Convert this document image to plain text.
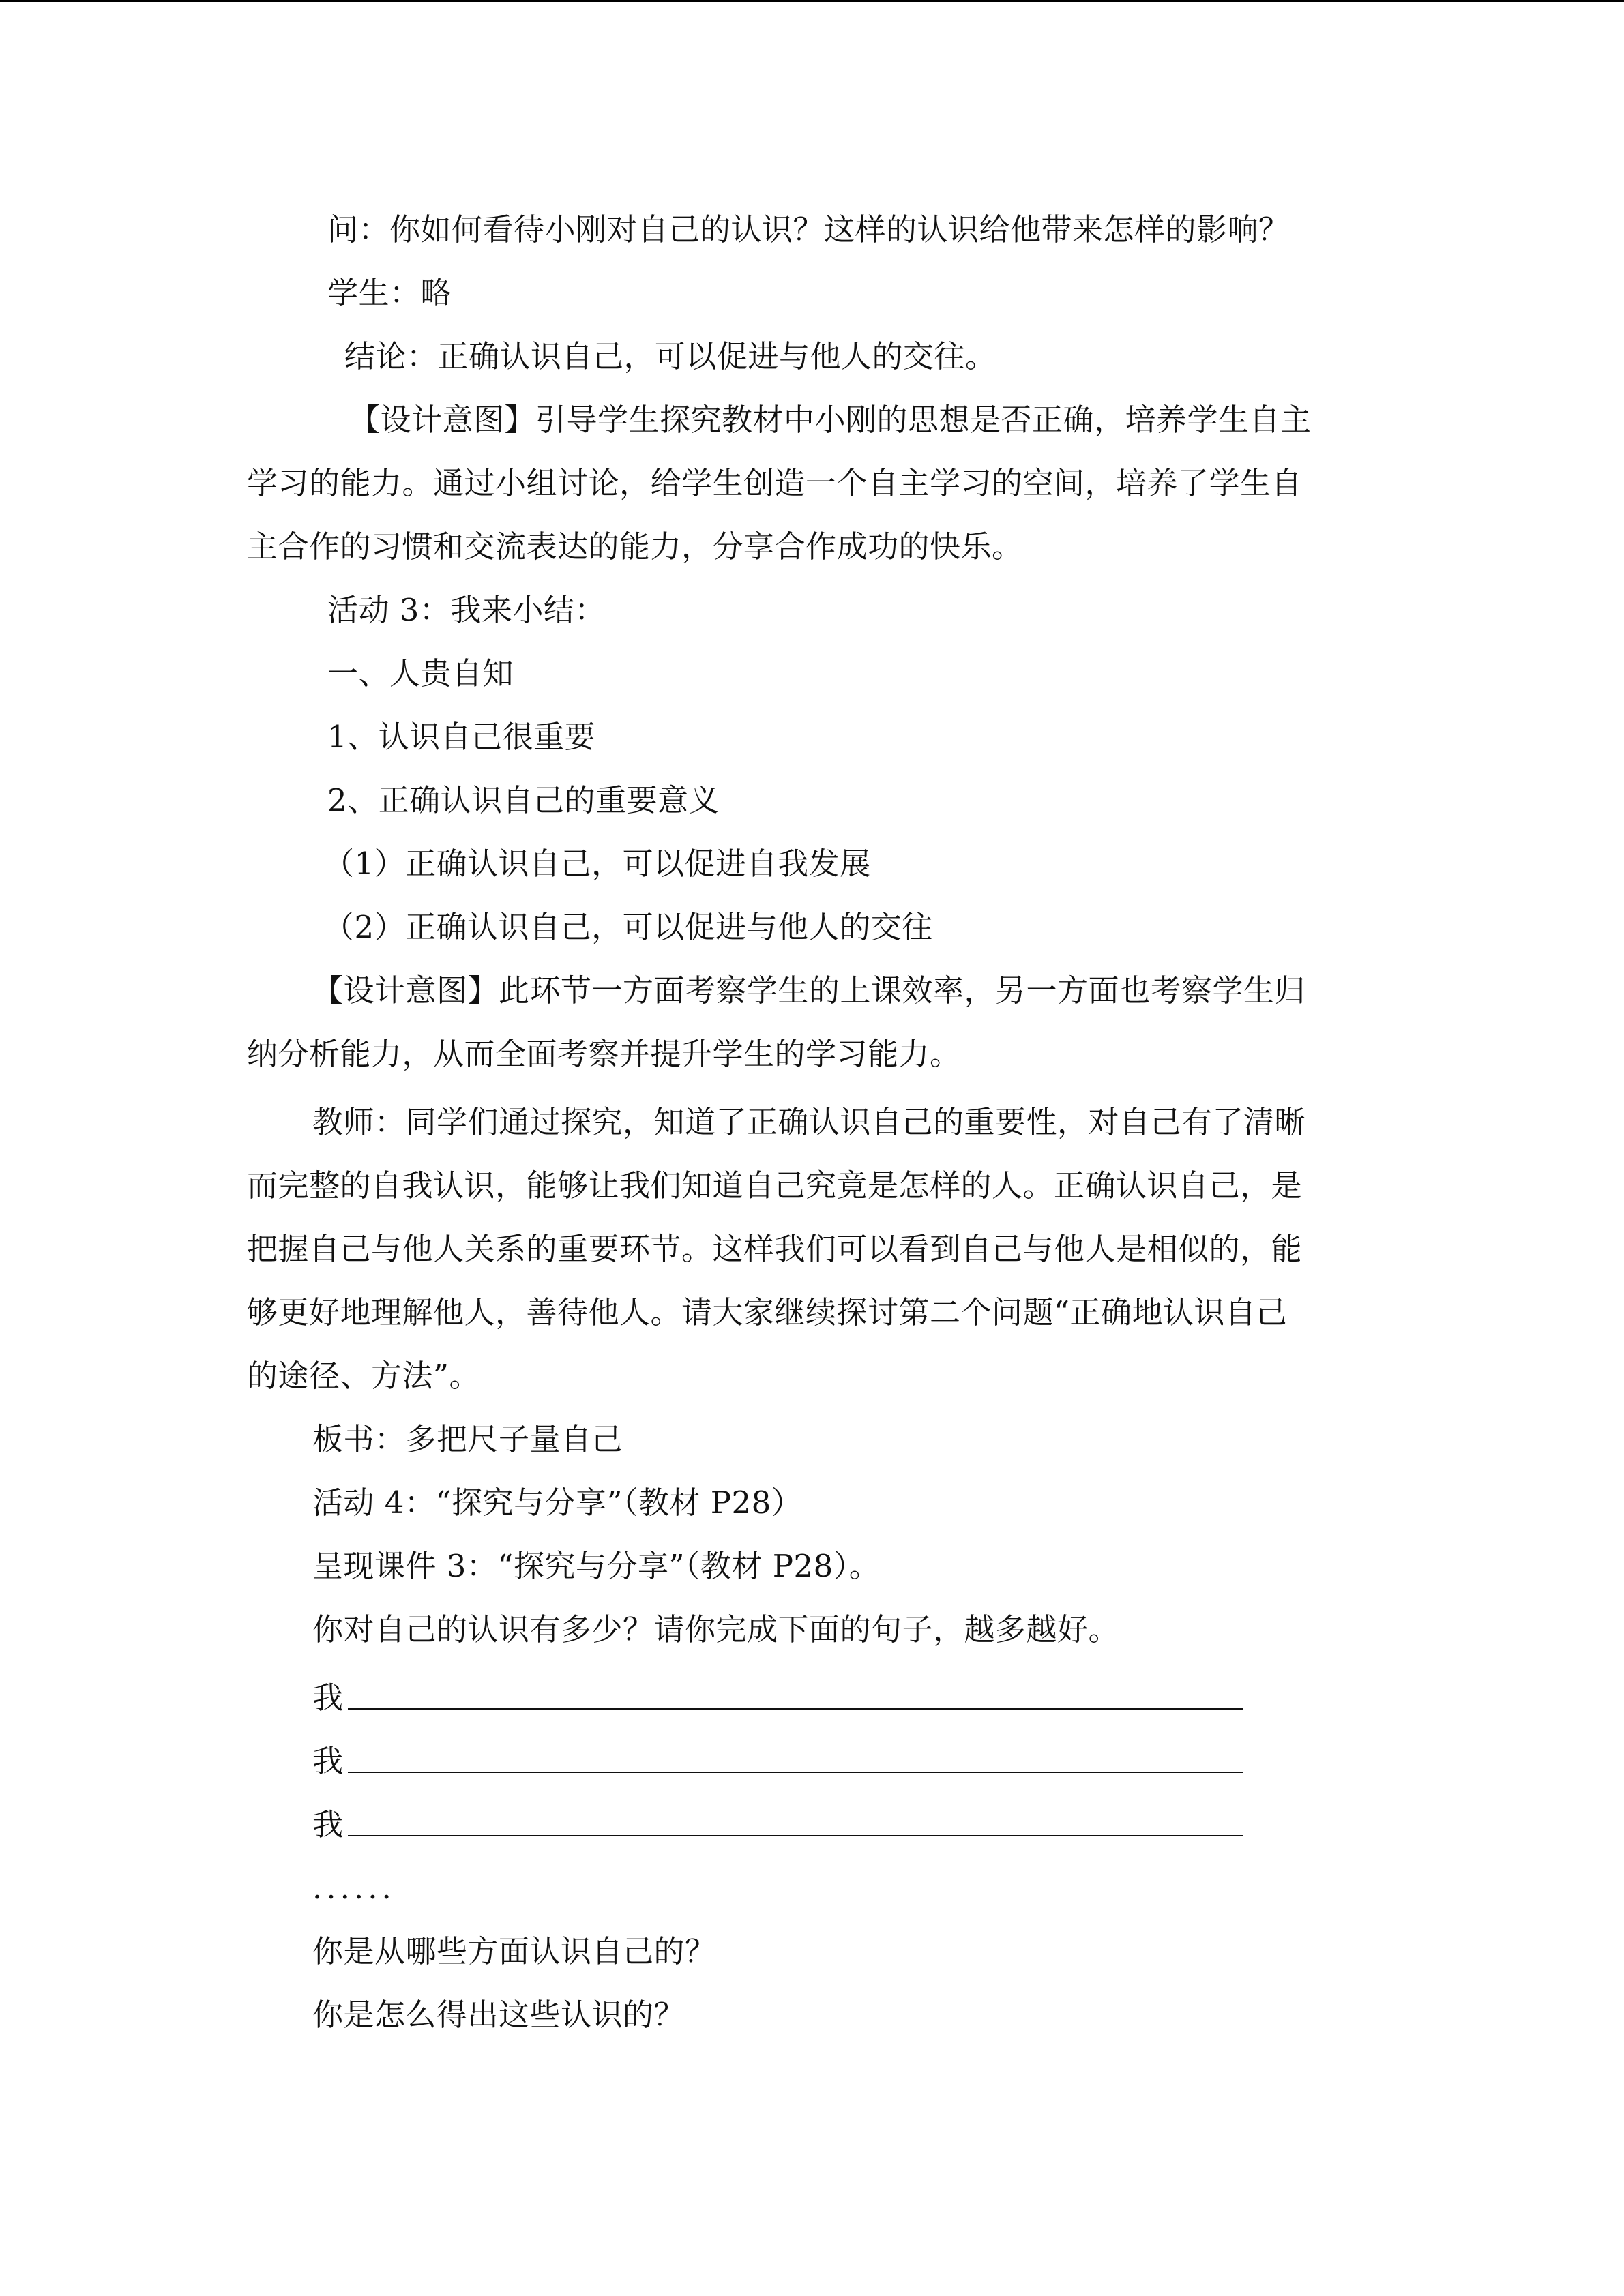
问：你如何看待小刚对自己的认识？这样的认识给他带来怎样的影响？
学生：略
结论：正确认识自己，可以促进与他人的交往。
【设计意图】引导学生探究教材中小刚的思想是否正确，培养学生自主
学习的能力。通过小组讨论，给学生创造一个自主学习的空间，培养了学生自
主合作的习惯和交流表达的能力，分享合作成功的快乐。
活动 3：我来小结：
一、人贵自知
1、认识自己很重要
2、正确认识自己的重要意义
（1）正确认识自己，可以促进自我发展
（2）正确认识自己，可以促进与他人的交往
【设计意图】此环节一方面考察学生的上课效率，另一方面也考察学生归
纳分析能力，从而全面考察并提升学生的学习能力。
教师：同学们通过探究，知道了正确认识自己的重要性，对自己有了清晰
而完整的自我认识，能够让我们知道自己究竟是怎样的人。正确认识自己，是
把握自己与他人关系的重要环节。这样我们可以看到自己与他人是相似的，能
够更好地理解他人，善待他人。请大家继续探讨第二个问题“正确地认识自己
的途径、方法”。
板书：多把尺子量自己
活动 4：“探究与分享”（教材 P28）
呈现课件 3：“探究与分享”（教材 P28）。
你对自己的认识有多少？请你完成下面的句子，越多越好。
我
我
我
......
你是从哪些方面认识自己的？
你是怎么得出这些认识的？
